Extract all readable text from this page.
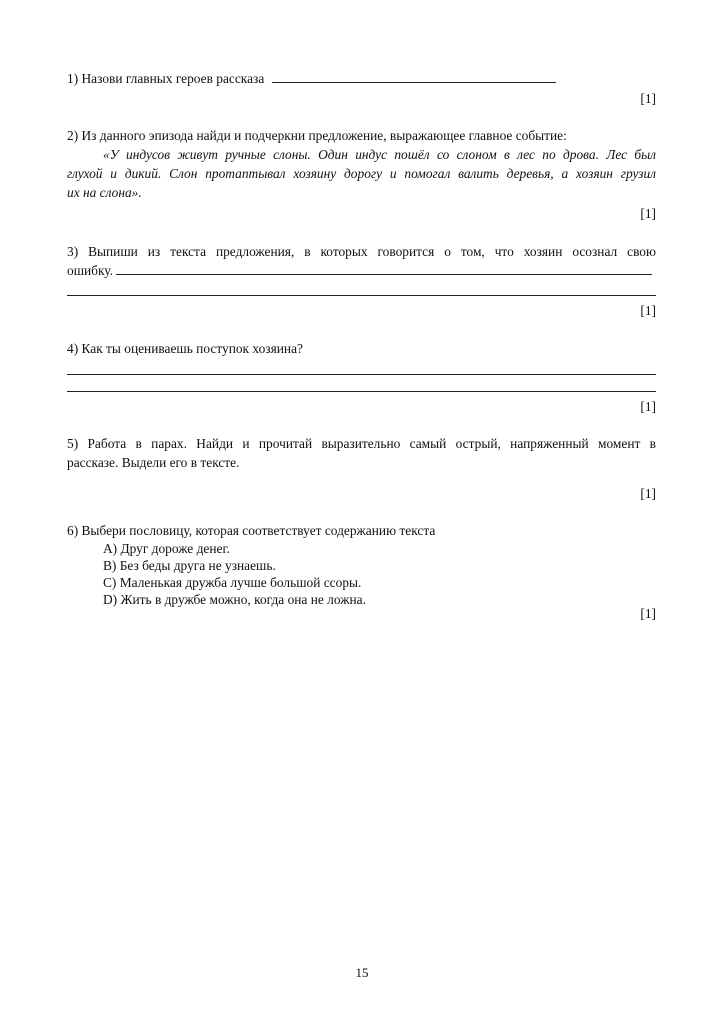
1) Назови главных героев рассказа
[1]
2) Из данного эпизода найди и подчеркни предложение, выражающее главное событие:
«У индусов живут ручные слоны. Один индус пошёл со слоном в лес по дрова. Лес был
глухой и дикий. Слон протаптывал хозяину дорогу и помогал валить деревья, а хозяин грузил
их на слона».
[1]
3) Выпиши из текста предложения, в которых говорится о том, что хозяин осознал свою
ошибку.
[1]
4) Как ты оцениваешь поступок хозяина?
[1]
5) Работа в парах. Найди и прочитай выразительно самый острый, напряженный момент в
рассказе. Выдели его в тексте.
[1]
6) Выбери пословицу, которая соответствует содержанию текста
A) Друг дороже денег.
B) Без беды друга не узнаешь.
C) Маленькая дружба лучше большой ссоры.
D) Жить в дружбе можно, когда она не ложна.
[1]
15
